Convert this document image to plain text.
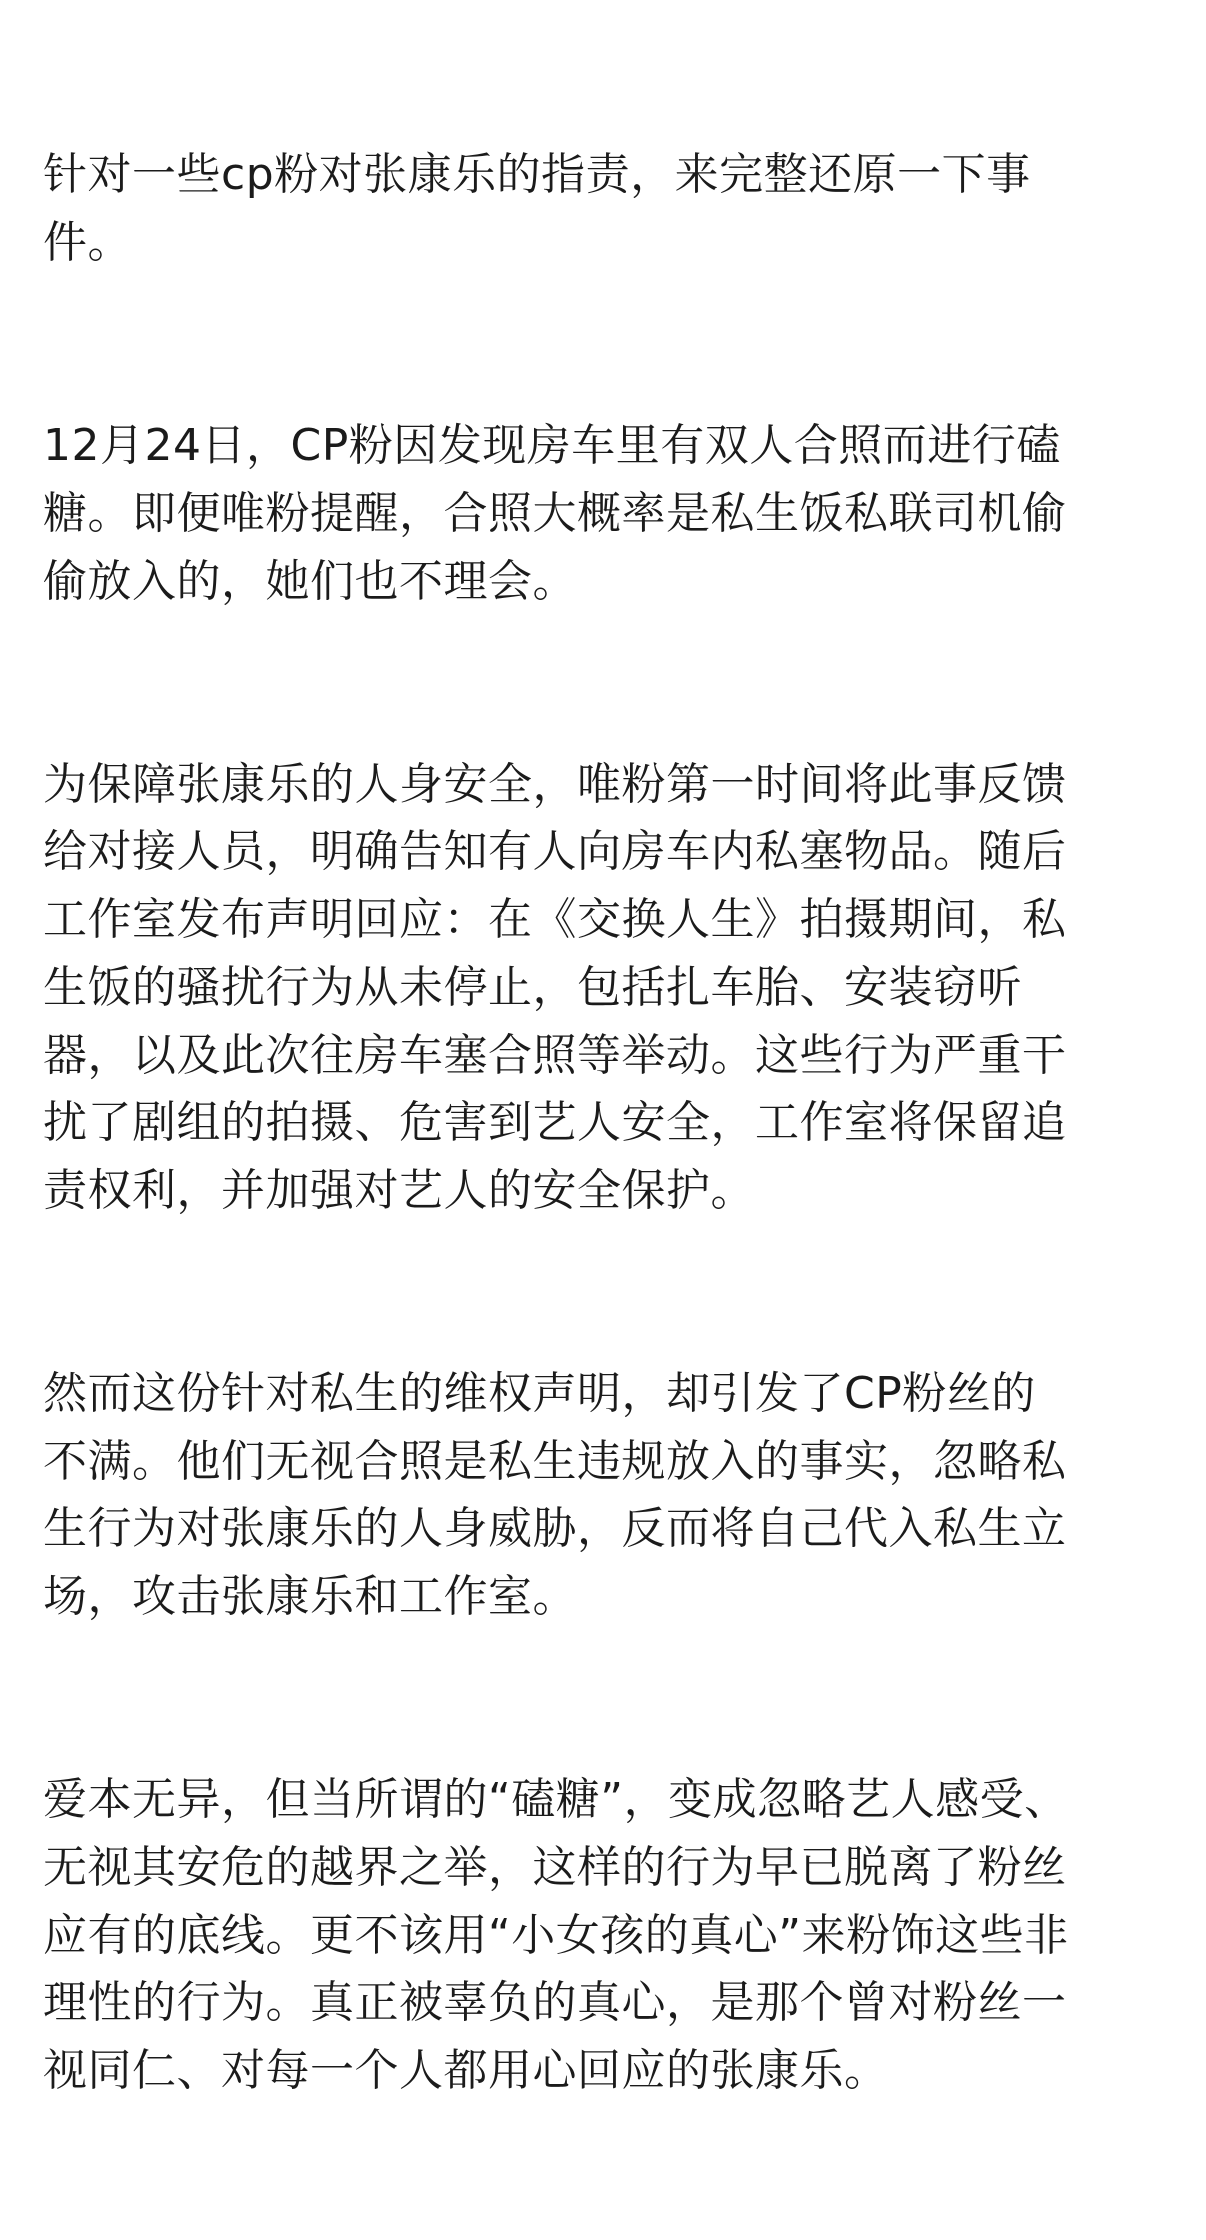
针对一些cp粉对张康乐的指责，来完整还原一下事
件。

12月24日，CP粉因发现房车里有双人合照而进行磕
糖。即便唯粉提醒，合照大概率是私生饭私联司机偷
偷放入的，她们也不理会。

为保障张康乐的人身安全，唯粉第一时间将此事反馈
给对接人员，明确告知有人向房车内私塞物品。随后
工作室发布声明回应：在《交换人生》拍摄期间，私
生饭的骚扰行为从未停止，包括扎车胎、安装窃听
器，以及此次往房车塞合照等举动。这些行为严重干
扰了剧组的拍摄、危害到艺人安全，工作室将保留追
责权利，并加强对艺人的安全保护。

然而这份针对私生的维权声明，却引发了CP粉丝的
不满。他们无视合照是私生违规放入的事实，忽略私
生行为对张康乐的人身威胁，反而将自己代入私生立
场，攻击张康乐和工作室。

爱本无异，但当所谓的“磕糖”，变成忽略艺人感受、
无视其安危的越界之举，这样的行为早已脱离了粉丝
应有的底线。更不该用“小女孩的真心”来粉饰这些非
理性的行为。真正被辜负的真心，是那个曾对粉丝一
视同仁、对每一个人都用心回应的张康乐。
